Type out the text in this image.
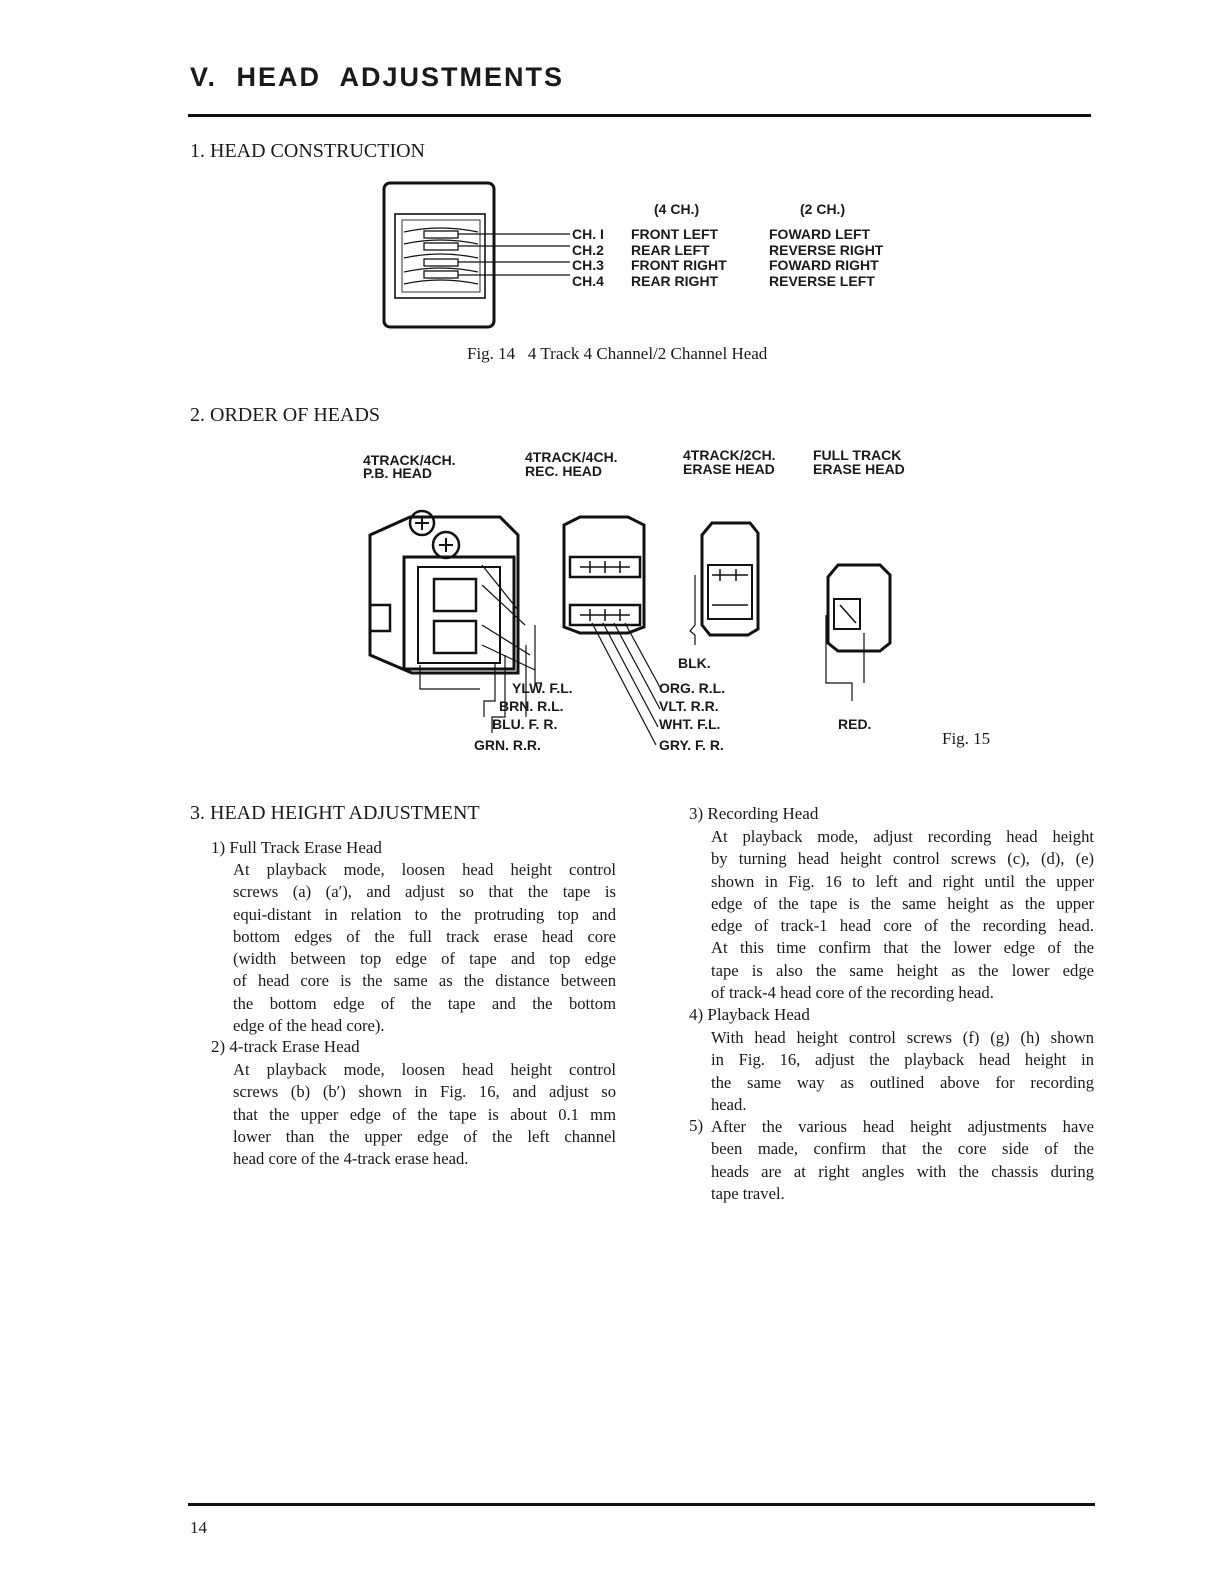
V. HEAD ADJUSTMENTS
1. HEAD CONSTRUCTION
(4 CH.)	(2 CH.)
CH. I FRONT LEFT	FOWARD LEFT
CH.2 REAR LEFT	REVERSE RIGHT
CH.3 FRONT RIGHT	FOWARD RIGHT
CH.4 REAR RIGHT	REVERSE LEFT
Fig. 14   4 Track 4 Channel/2 Channel Head
2. ORDER OF HEADS
4TRACK/4CH.
P.B. HEAD
4TRACK/4CH.
REC. HEAD
4TRACK/2CH.
ERASE HEAD
FULL TRACK
ERASE HEAD
YLW. F.L.
BRN. R.L.
BLU. F. R.
GRN. R.R.
ORG. R.L.
VLT. R.R.
WHT. F.L.
GRY. F. R.
BLK.
RED.
Fig. 15
3. HEAD HEIGHT ADJUSTMENT
1) Full Track Erase Head
At playback mode, loosen head height control
screws (a) (a′), and adjust so that the tape is
equi-distant in relation to the protruding top and
bottom edges of the full track erase head core
(width between top edge of tape and top edge
of head core is the same as the distance between
the bottom edge of the tape and the bottom
edge of the head core).
2) 4-track Erase Head
At playback mode, loosen head height control
screws (b) (b′) shown in Fig. 16, and adjust so
that the upper edge of the tape is about 0.1 mm
lower than the upper edge of the left channel
head core of the 4-track erase head.
3) Recording Head
At playback mode, adjust recording head height
by turning head height control screws (c), (d), (e)
shown in Fig. 16 to left and right until the upper
edge of the tape is the same height as the upper
edge of track-1 head core of the recording head.
At this time confirm that the lower edge of the
tape is also the same height as the lower edge
of track-4 head core of the recording head.
4) Playback Head
With head height control screws (f) (g) (h) shown
in Fig. 16, adjust the playback head height in
the same way as outlined above for recording
head.
5) After the various head height adjustments have
been made, confirm that the core side of the
heads are at right angles with the chassis during
tape travel.
14
